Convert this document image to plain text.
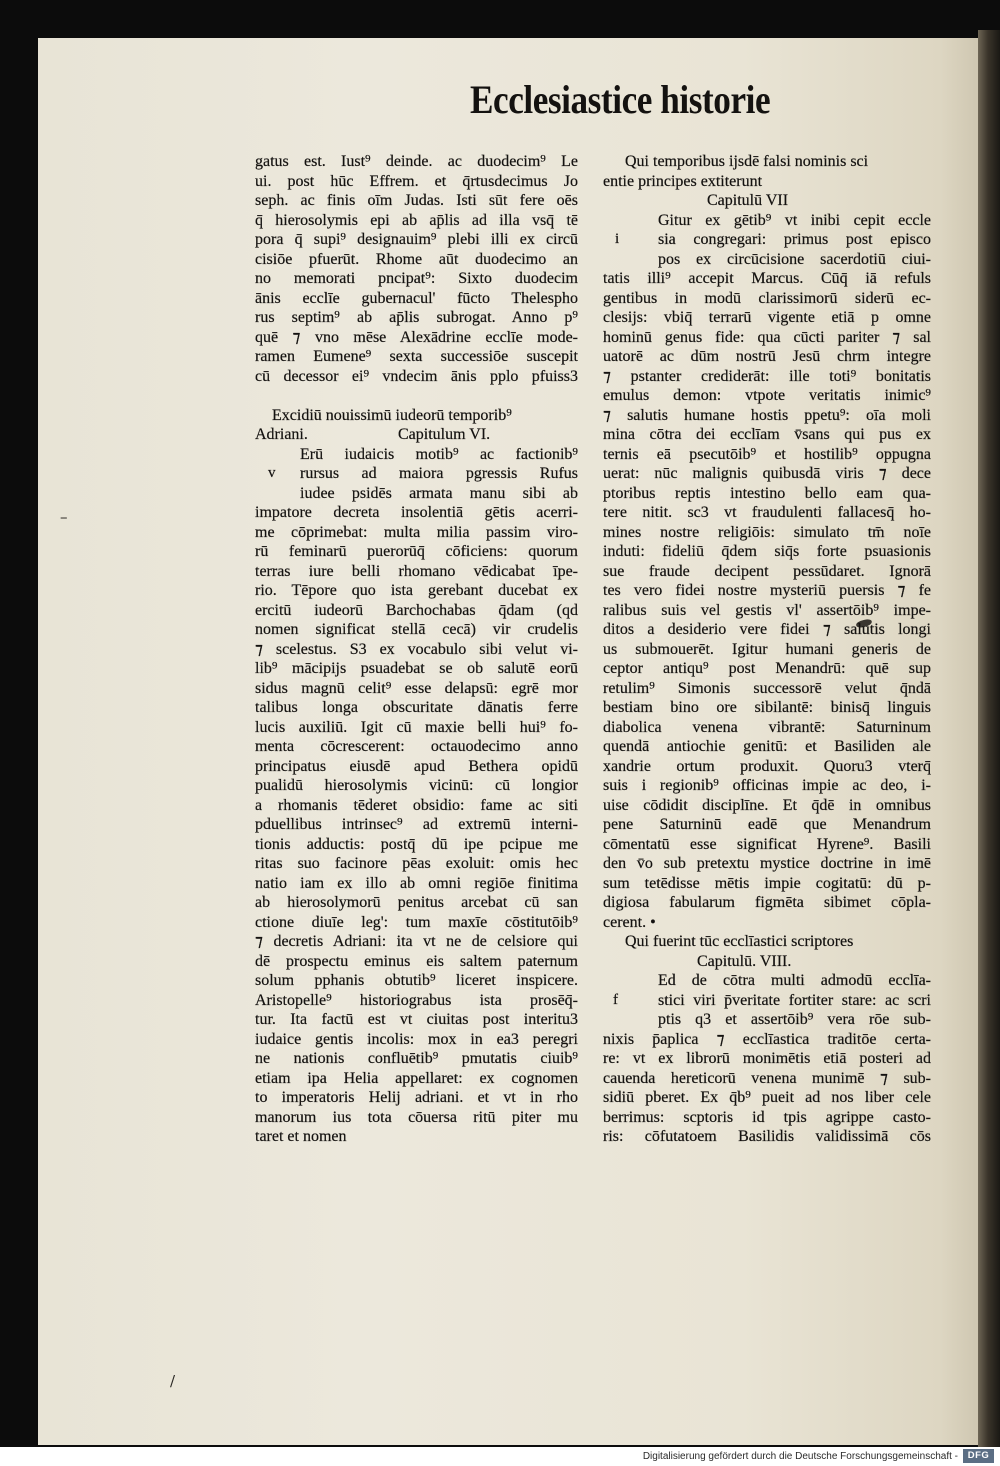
Ecclesiastice historie
–
/
gatus est. Iust⁹ deinde. ac duodecim⁹ Le
ui. post hūc Effrem. et q̄rtusdecimus Jo
seph. ac finis oīm Judas. Isti sūt fere oēs
q̄ hierosolymis epi ab ap̄lis ad illa vsq̄ tē
pora q̄ supi⁹ designauim⁹ plebi illi ex circū
cisiōe pfuerūt. Rhome aūt duodecimo an
no memorati pncipat⁹: Sixto duodecim
ānis ecclīe gubernacul' fūcto Thelespho
rus septim⁹ ab ap̄lis subrogat. Anno p⁹
quē ⁊ vno mēse Alexādrine ecclīe mode-
ramen Eumene⁹ sexta successiōe suscepit
cū decessor ei⁹ vndecim ānis pplo pfuiss3
Excidiū nouissimū iudeorū temporib⁹
Adriani.	Capitulum VI.
Erū iudaicis motib⁹ ac factionib⁹
v rursus ad maiora pgressis Rufus
iudee psidēs armata manu sibi ab
impatore decreta insolentiā gētis acerri-
me cōprimebat: multa milia passim viro-
rū feminarū puerorūq̄ cōficiens: quorum
terras iure belli rhomano vēdicabat īpe-
rio. Tēpore quo ista gerebant ducebat ex
ercitū iudeorū Barchochabas q̄dam (qd
nomen significat stellā cecā) vir crudelis
⁊ scelestus. S3 ex vocabulo sibi velut vi-
lib⁹ mācipijs psuadebat se ob salutē eorū
sidus magnū celit⁹ esse delapsū: egrē mor
talibus longa obscuritate dānatis ferre
lucis auxiliū. Igit cū maxie belli hui⁹ fo-
menta cōcrescerent: octauodecimo anno
principatus eiusdē apud Bethera opidū
pualidū hierosolymis vicinū: cū longior
a rhomanis tēderet obsidio: fame ac siti
pduellibus intrinsec⁹ ad extremū interni-
tionis adductis: postq̄ dū ipe pcipue me
ritas suo facinore pēas exoluit: omis hec
natio iam ex illo ab omni regiōe finitima
ab hierosolymorū penitus arcebat cū san
ctione diuīe leg': tum maxīe cōstitutōib⁹
⁊ decretis Adriani: ita vt ne de celsiore qui
dē prospectu eminus eis saltem paternum
solum pphanis obtutib⁹ liceret inspicere.
Aristopelle⁹ historiograbus ista prosēq̄-
tur. Ita factū est vt ciuitas post interitu3
iudaice gentis incolis: mox in ea3 peregri
ne nationis confluētib⁹ pmutatis ciuib⁹
etiam ipa Helia appellaret: ex cognomen
to imperatoris Helij adriani. et vt in rho
manorum ius tota cōuersa ritū piter mu
taret et nomen
Qui temporibus ijsdē falsi nominis sci
entie principes extiterunt
Capitulū VII
Gitur ex gētib⁹ vt inibi cepit eccle
i sia congregari: primus post episco
pos ex circūcisione sacerdotiū ciui-
tatis illi⁹ accepit Marcus. Cūq̄ iā refuls
gentibus in modū clarissimorū siderū ec-
clesijs: vbiq̄ terrarū vigente etiā p omne
hominū genus fide: qua cūcti pariter ⁊ sal
uatorē ac dūm nostrū Jesū chrm integre
⁊ pstanter crediderāt: ille toti⁹ bonitatis
emulus demon: vtpote veritatis inimic⁹
⁊ salutis humane hostis ppetu⁹: oīa moli
mina cōtra dei ecclīam v̄sans qui pus ex
ternis eā psecutōib⁹ et hostilib⁹ oppugna
uerat: nūc malignis quibusdā viris ⁊ dece
ptoribus reptis intestino bello eam qua-
tere nitit. sc3 vt fraudulenti fallacesq̄ ho-
mines nostre religiōis: simulato tm̄ noīe
induti: fideliū q̄dem siq̄s forte psuasionis
sue fraude decipent pessūdaret. Ignorā
tes vero fidei nostre mysteriū puersis ⁊ fe
ralibus suis vel gestis vl' assertōib⁹ impe-
ditos a desiderio vere fidei ⁊ salutis longi
us submouerēt. Igitur humani generis de
ceptor antiqu⁹ post Menandrū: quē sup
retulim⁹ Simonis successorē velut q̄ndā
bestiam bino ore sibilantē: binisq̄ linguis
diabolica venena vibrantē: Saturninum
quendā antiochie genitū: et Basiliden ale
xandrie ortum produxit. Quoru3 vterq̄
suis i regionib⁹ officinas impie ac deo, i-
uise cōdidit disciplīne. Et q̄dē in omnibus
pene Saturninū eadē que Menandrum
cōmentatū esse significat Hyrene⁹. Basili
den v̄o sub pretextu mystice doctrine in imē
sum tetēdisse mētis impie cogitatū: dū p-
digiosa fabularum figmēta sibimet cōpla-
cerent. •
Qui fuerint tūc ecclīastici scriptores
Capitulū. VIII.
Ed de cōtra multi admodū ecclīa-
f	stici viri p̄veritate fortiter stare: ac scri
ptis q3 et assertōib⁹ vera rōe sub-
nixis p̄aplica ⁊ ecclīastica traditōe certa-
re: vt ex librorū monimētis etiā posteri ad
cauenda hereticorū venena munimē ⁊ sub-
sidiū pberet. Ex q̄b⁹ pueit ad nos liber cele
berrimus: scptoris id tpis agrippe casto-
ris: cōfutatoem Basilidis validissimā cōs
Digitalisierung gefördert durch die Deutsche Forschungsgemeinschaft -	DFG
